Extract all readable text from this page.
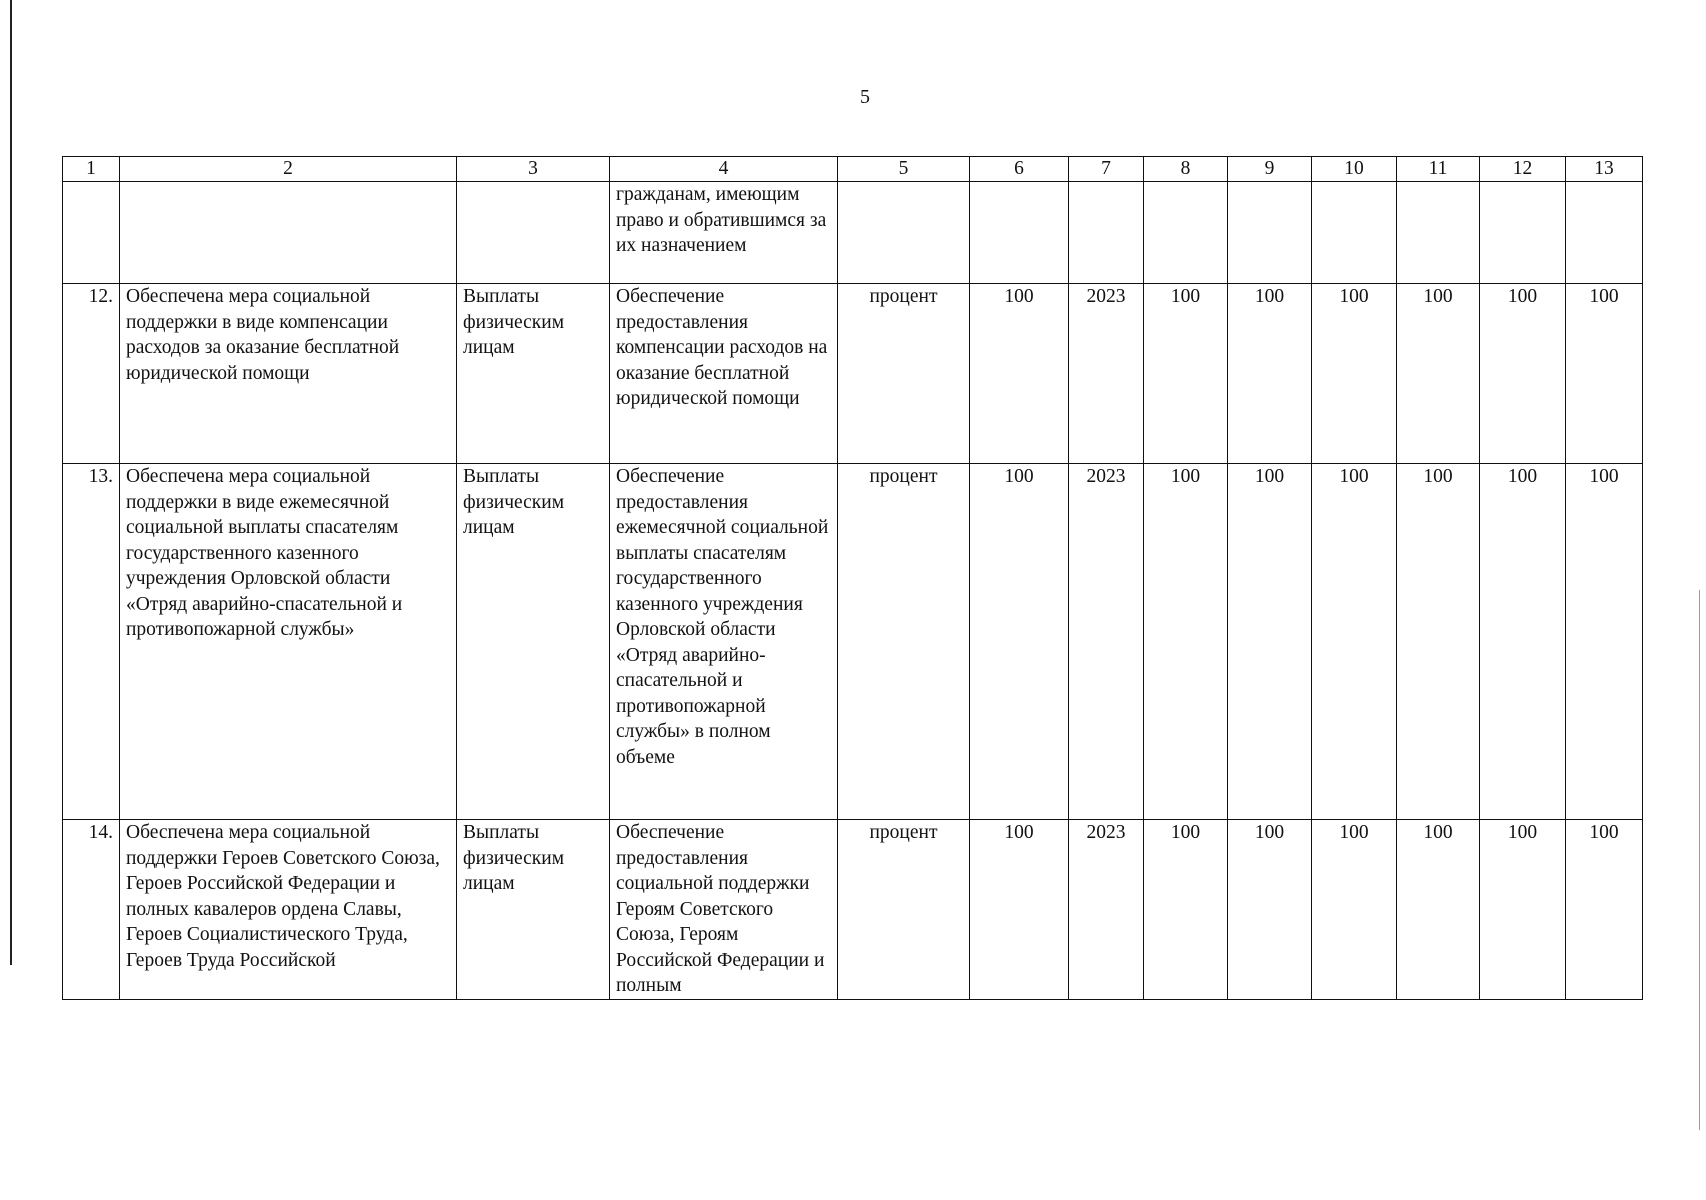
5
1	2	3	4	5	6	7	8	9	10	11	12	13
			гражданам, имеющим право и обратившимся за их назначением									
12.	Обеспечена мера социальной поддержки в виде компенсации расходов за оказание бесплатной юридической помощи	Выплаты физическим лицам	Обеспечение предоставления компенсации расходов на оказание бесплатной юридической помощи	процент	100	2023	100	100	100	100	100	100
13.	Обеспечена мера социальной поддержки в виде ежемесячной социальной выплаты спасателям государственного казенного учреждения Орловской области «Отряд аварийно-спасательной и противопожарной службы»	Выплаты физическим лицам	Обеспечение предоставления ежемесячной социальной выплаты спасателям государственного казенного учреждения Орловской области «Отряд аварийно-спасательной и противопожарной службы» в полном объеме	процент	100	2023	100	100	100	100	100	100
14.	Обеспечена мера социальной поддержки Героев Советского Союза, Героев Российской Федерации и полных кавалеров ордена Славы, Героев Социалистического Труда, Героев Труда Российской	Выплаты физическим лицам	Обеспечение предоставления социальной поддержки Героям Советского Союза, Героям Российской Федерации и полным	процент	100	2023	100	100	100	100	100	100
